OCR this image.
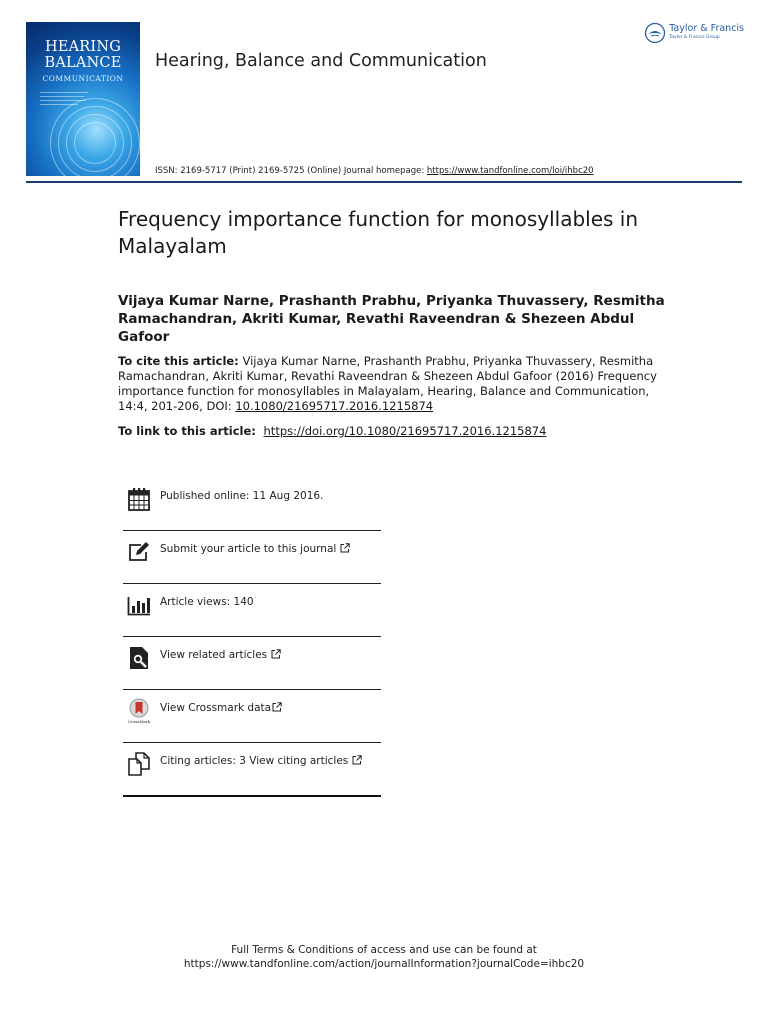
HEARING
BALANCE
COMMUNICATION
Hearing, Balance and Communication
Taylor & Francis
Taylor & Francis Group
ISSN: 2169-5717 (Print) 2169-5725 (Online) Journal homepage: https://www.tandfonline.com/loi/ihbc20
Frequency importance function for monosyllables in Malayalam
Vijaya Kumar Narne, Prashanth Prabhu, Priyanka Thuvassery, Resmitha Ramachandran, Akriti Kumar, Revathi Raveendran & Shezeen Abdul Gafoor
To cite this article: Vijaya Kumar Narne, Prashanth Prabhu, Priyanka Thuvassery, Resmitha Ramachandran, Akriti Kumar, Revathi Raveendran & Shezeen Abdul Gafoor (2016) Frequency importance function for monosyllables in Malayalam, Hearing, Balance and Communication, 14:4, 201-206, DOI: 10.1080/21695717.2016.1215874
To link to this article:  https://doi.org/10.1080/21695717.2016.1215874
Published online: 11 Aug 2016.
Submit your article to this journal
Article views: 140
View related articles
CrossMark
View Crossmark data
Citing articles: 3 View citing articles
Full Terms & Conditions of access and use can be found at
https://www.tandfonline.com/action/journalInformation?journalCode=ihbc20
